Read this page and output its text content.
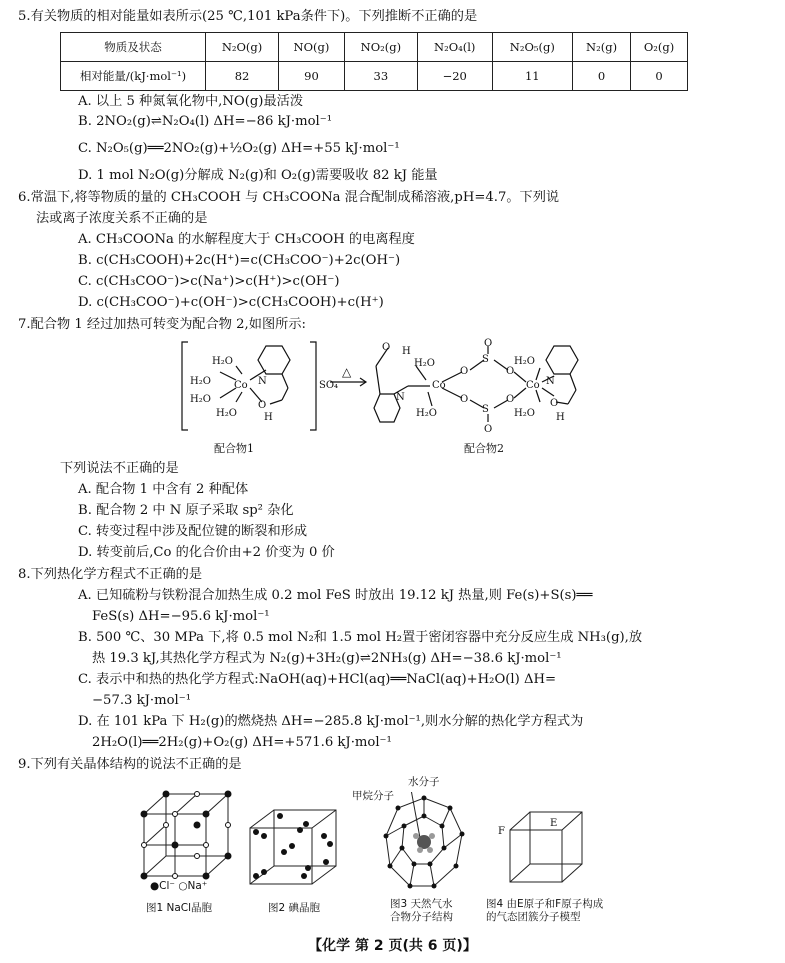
5.有关物质的相对能量如表所示(25 ℃,101 kPa条件下)。下列推断不正确的是
物质及状态	N₂O(g)	NO(g)	NO₂(g)	N₂O₄(l)	N₂O₅(g)	N₂(g)	O₂(g)
相对能量/(kJ·mol⁻¹)	82	90	33	−20	11	0	0
A. 以上 5 种氮氧化物中,NO(g)最活泼
B. 2NO₂(g)⇌N₂O₄(l) ΔH=−86 kJ·mol⁻¹
C. N₂O₅(g)══2NO₂(g)+½O₂(g) ΔH=+55 kJ·mol⁻¹
D. 1 mol N₂O(g)分解成 N₂(g)和 O₂(g)需要吸收 82 kJ 能量
6.常温下,将等物质的量的 CH₃COOH 与 CH₃COONa 混合配制成稀溶液,pH=4.7。下列说
法或离子浓度关系不正确的是
A. CH₃COONa 的水解程度大于 CH₃COOH 的电离程度
B. c(CH₃COOH)+2c(H⁺)=c(CH₃COO⁻)+2c(OH⁻)
C. c(CH₃COO⁻)>c(Na⁺)>c(H⁺)>c(OH⁻)
D. c(CH₃COO⁻)+c(OH⁻)>c(CH₃COOH)+c(H⁺)
7.配合物 1 经过加热可转变为配合物 2,如图所示:
H₂O
H₂O Co
H₂O
H₂O
N
O
H
SO₄
△
H
H₂O
Co
H₂O
N
O
O
O
S
S
O
O
O
O
H₂O
Co
H₂O
N
O
H
配合物1	配合物2
下列说法不正确的是
A. 配合物 1 中含有 2 种配体
B. 配合物 2 中 N 原子采取 sp² 杂化
C. 转变过程中涉及配位键的断裂和形成
D. 转变前后,Co 的化合价由+2 价变为 0 价
8.下列热化学方程式不正确的是
A. 已知硫粉与铁粉混合加热生成 0.2 mol FeS 时放出 19.12 kJ 热量,则 Fe(s)+S(s)══
FeS(s) ΔH=−95.6 kJ·mol⁻¹
B. 500 ℃、30 MPa 下,将 0.5 mol N₂和 1.5 mol H₂置于密闭容器中充分反应生成 NH₃(g),放
热 19.3 kJ,其热化学方程式为 N₂(g)+3H₂(g)⇌2NH₃(g) ΔH=−38.6 kJ·mol⁻¹
C. 表示中和热的热化学方程式:NaOH(aq)+HCl(aq)══NaCl(aq)+H₂O(l) ΔH=
−57.3 kJ·mol⁻¹
D. 在 101 kPa 下 H₂(g)的燃烧热 ΔH=−285.8 kJ·mol⁻¹,则水分解的热化学方程式为
2H₂O(l)══2H₂(g)+O₂(g) ΔH=+571.6 kJ·mol⁻¹
9.下列有关晶体结构的说法不正确的是
●Cl⁻ ○Na⁺
图1 NaCl晶胞	图2 碘晶胞
甲烷分子
水分子
图3 天然气水
合物分子结构
F
E
图4 由E原子和F原子构成
的气态团簇分子模型
【化学 第 2 页(共 6 页)】
